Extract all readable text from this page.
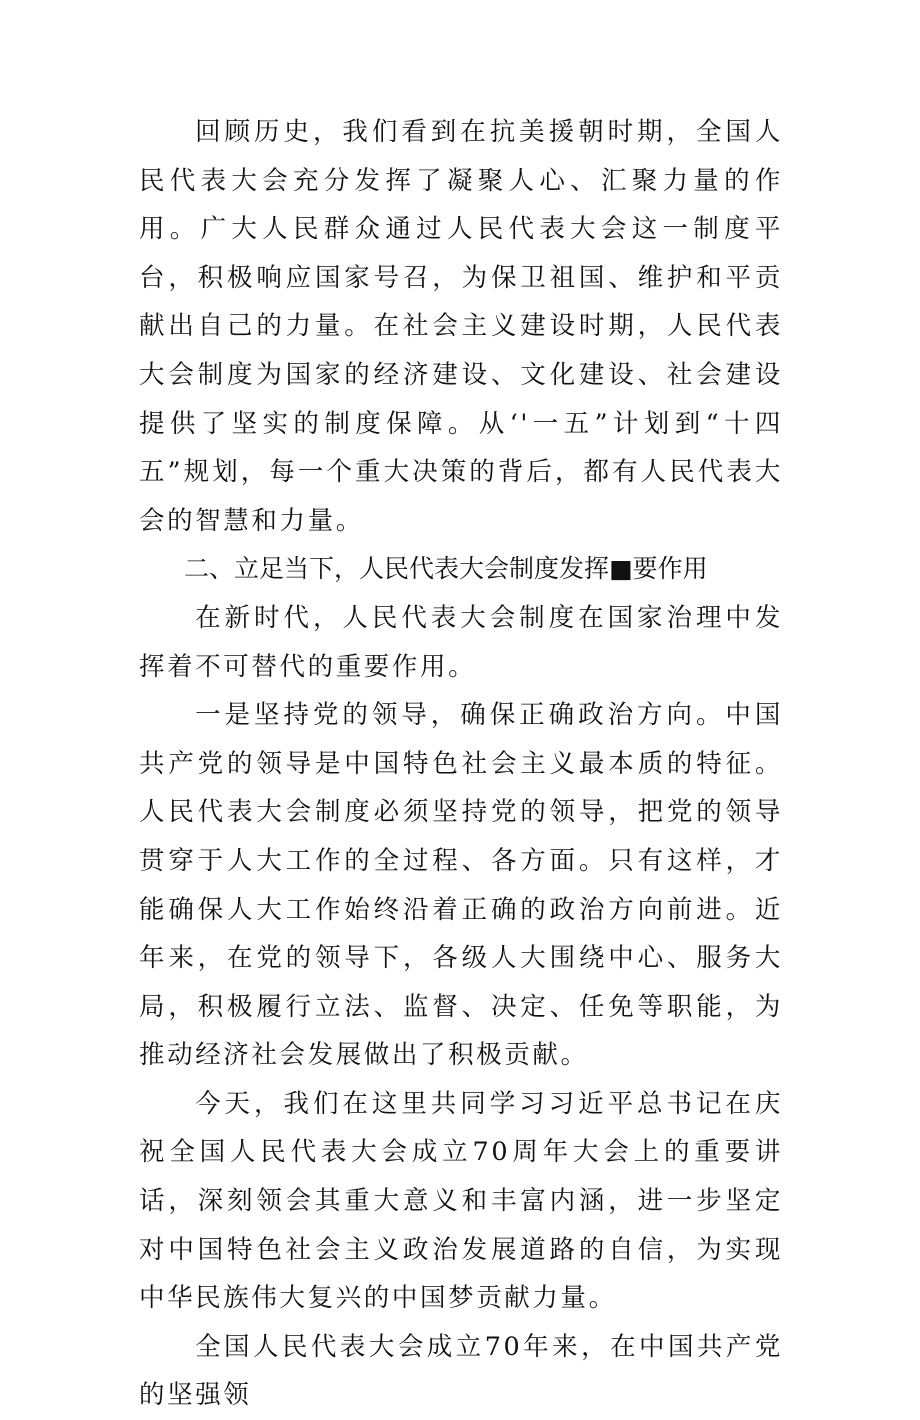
回顾历史，我们看到在抗美援朝时期，全国人民代表大会充分发挥了凝聚人心、汇聚力量的作用。广大人民群众通过人民代表大会这一制度平台，积极响应国家号召，为保卫祖国、维护和平贡献出自己的力量。在社会主义建设时期，人民代表大会制度为国家的经济建设、文化建设、社会建设提供了坚实的制度保障。从‘'一五”计划到“十四五”规划，每一个重大决策的背后，都有人民代表大会的智慧和力量。

二、立足当下，人民代表大会制度发挥■要作用

在新时代，人民代表大会制度在国家治理中发挥着不可替代的重要作用。

一是坚持党的领导，确保正确政治方向。中国共产党的领导是中国特色社会主义最本质的特征。人民代表大会制度必须坚持党的领导，把党的领导贯穿于人大工作的全过程、各方面。只有这样，才能确保人大工作始终沿着正确的政治方向前进。近年来，在党的领导下，各级人大围绕中心、服务大局，积极履行立法、监督、决定、任免等职能，为推动经济社会发展做出了积极贡献。

今天，我们在这里共同学习习近平总书记在庆祝全国人民代表大会成立70周年大会上的重要讲话，深刻领会其重大意义和丰富内涵，进一步坚定对中国特色社会主义政治发展道路的自信，为实现中华民族伟大复兴的中国梦贡献力量。

全国人民代表大会成立70年来，在中国共产党的坚强领
